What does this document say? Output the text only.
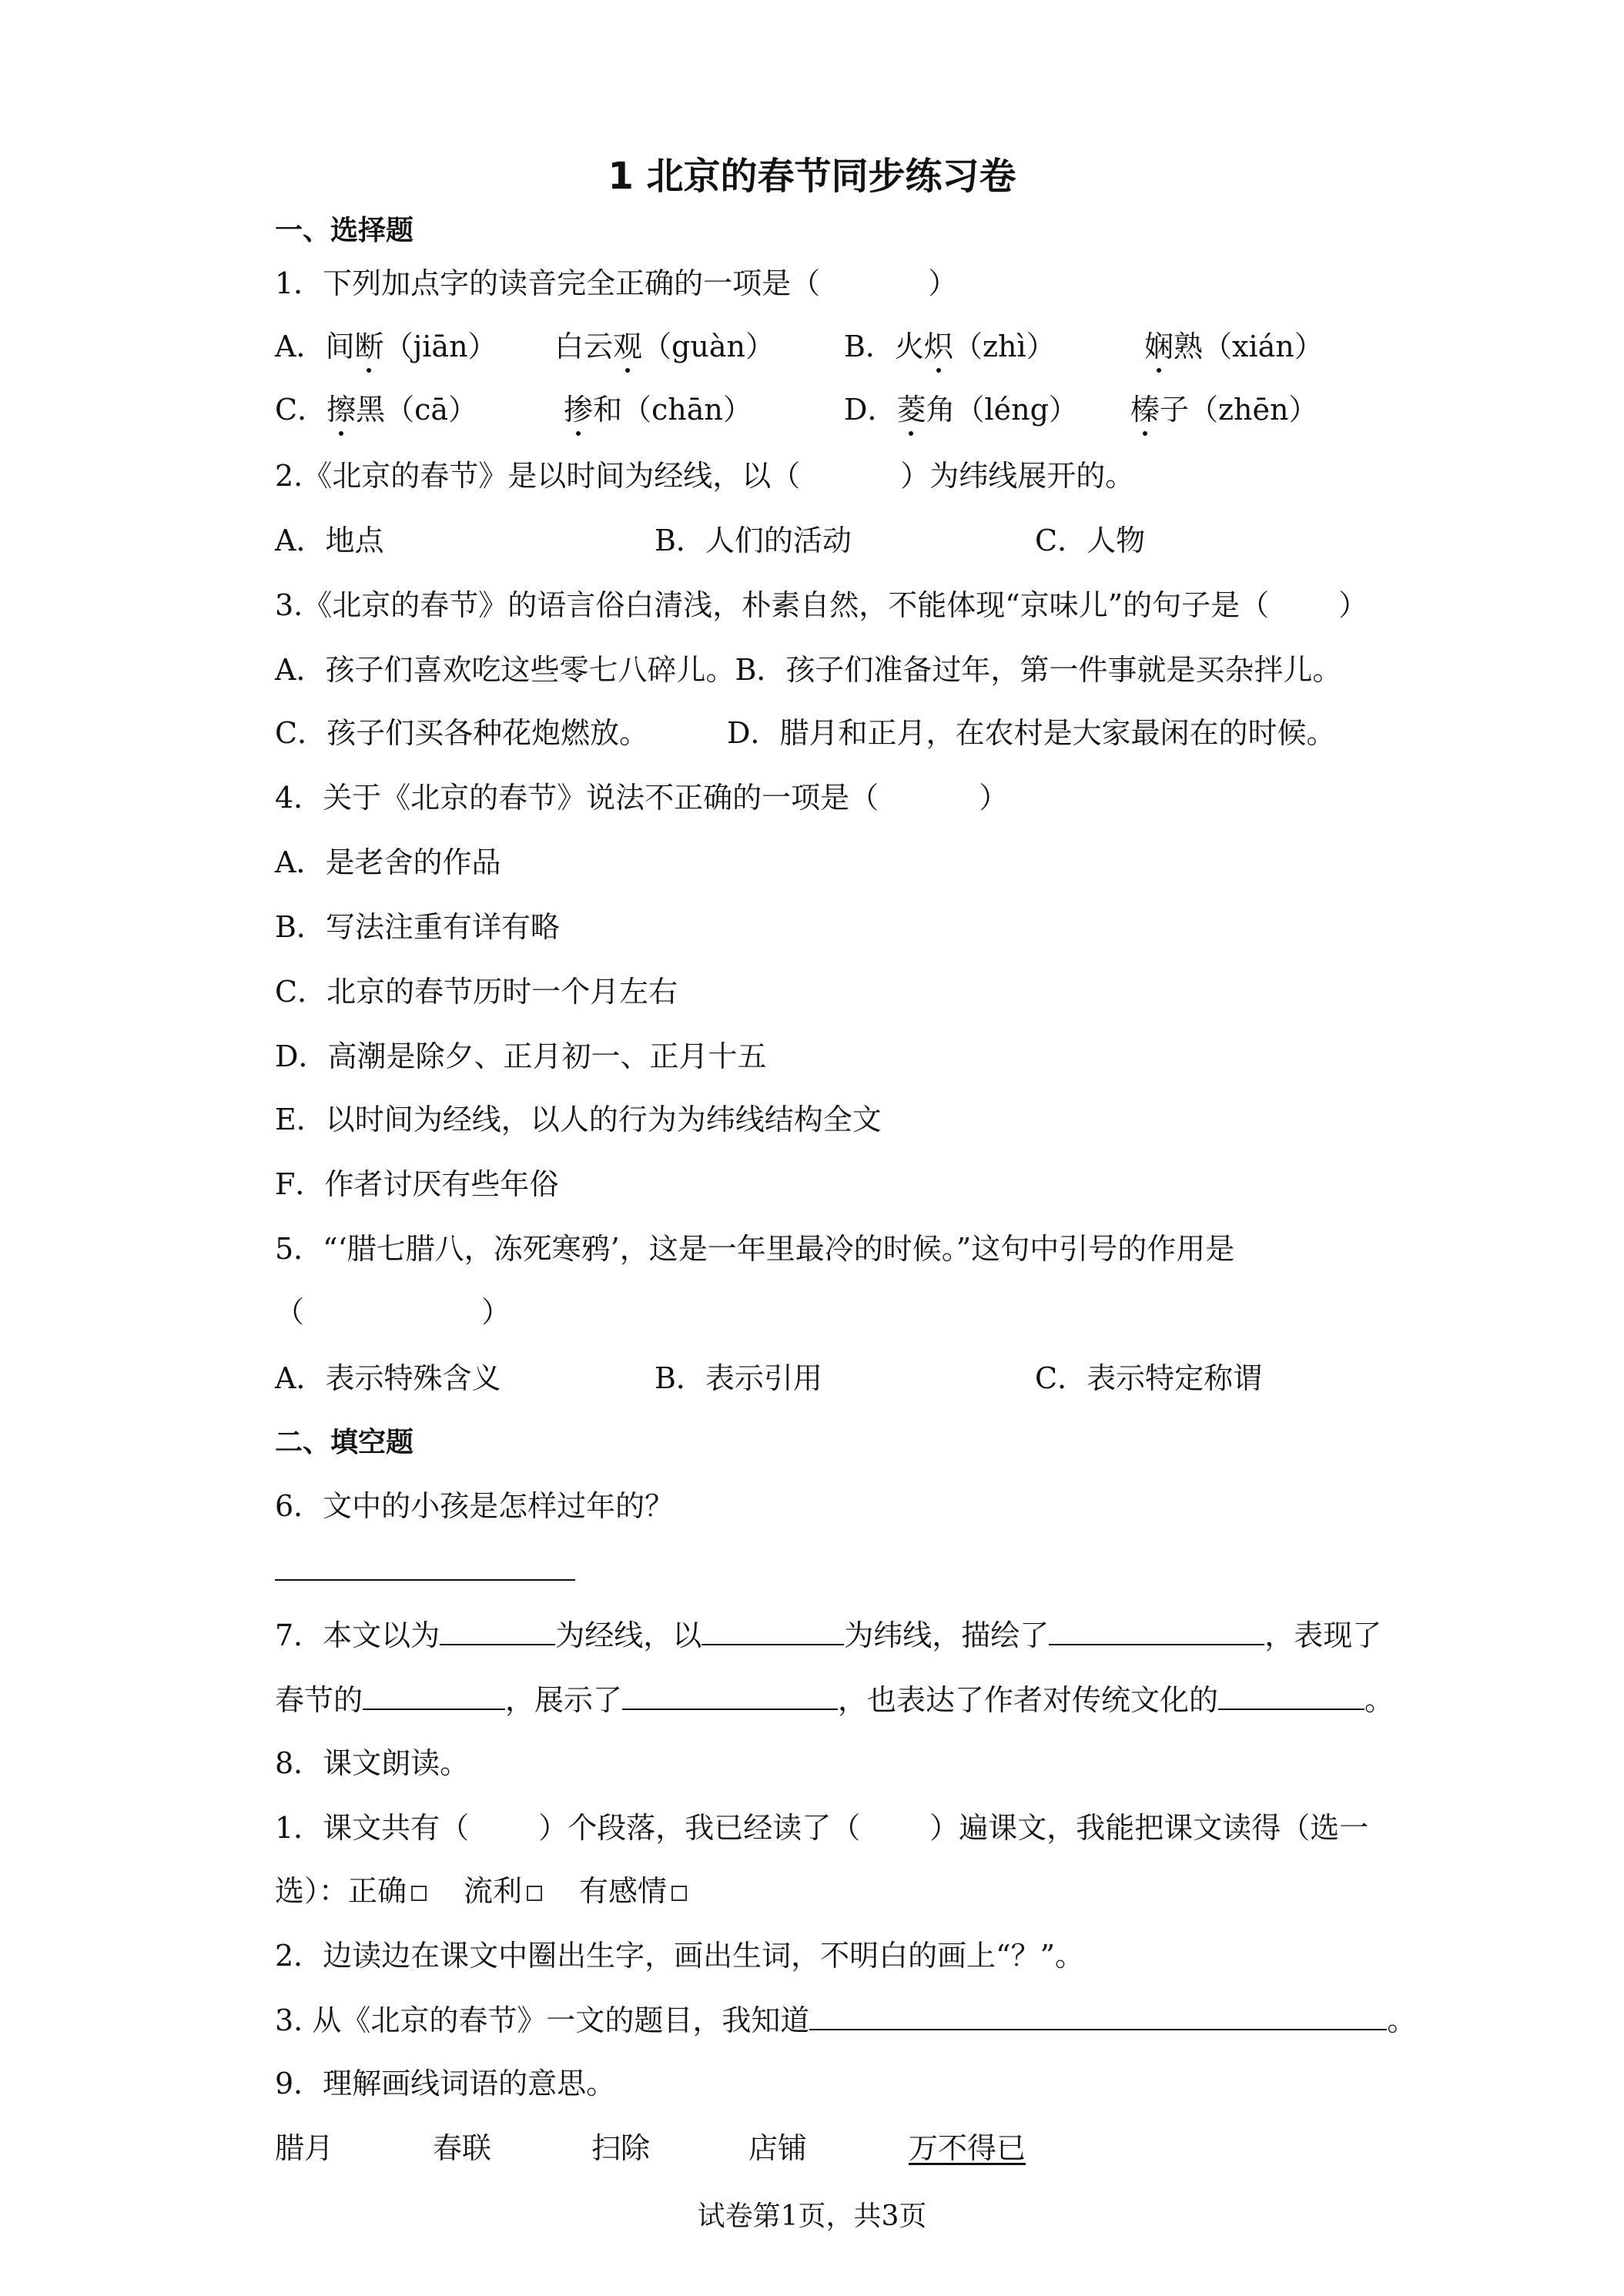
1 北京的春节同步练习卷
一、选择题
1．下列加点字的读音完全正确的一项是（	）
A．间断（jiān） 白云观（guàn） B．火炽（zhì）	娴熟（xián）
C．擦黑（cā）	掺和（chān）	D．菱角（léng） 榛子（zhēn）
2.《北京的春节》是以时间为经线，以（	）为纬线展开的。
A．地点	B．人们的活动	C．人物
3.《北京的春节》的语言俗白清浅，朴素自然，不能体现“京味儿”的句子是（ ）
A．孩子们喜欢吃这些零七八碎儿。B．孩子们准备过年，第一件事就是买杂拌儿。
C．孩子们买各种花炮燃放。	D．腊月和正月，在农村是大家最闲在的时候。
4．关于《北京的春节》说法不正确的一项是（	）
A．是老舍的作品
B．写法注重有详有略
C．北京的春节历时一个月左右
D．高潮是除夕、正月初一、正月十五
E．以时间为经线，以人的行为为纬线结构全文
F．作者讨厌有些年俗
5．“‘腊七腊八，冻死寒鸦’，这是一年里最冷的时候。”这句中引号的作用是
（	）
A．表示特殊含义	B．表示引用	C．表示特定称谓
二、填空题
6．文中的小孩是怎样过年的？
7．本文以为	为经线，以	为纬线，描绘了	，表现了
春节的	，展示了	，也表达了作者对传统文化的	。
8．课文朗读。
1．课文共有（ ）个段落，我已经读了（ ）遍课文，我能把课文读得（选一
选）：正确 流利 有感情
2．边读边在课文中圈出生字，画出生词，不明白的画上“？”。
3. 从《北京的春节》一文的题目，我知道	。
9．理解画线词语的意思。
腊月	春联	扫除	店铺	万不得已
试卷第1页，共3页
